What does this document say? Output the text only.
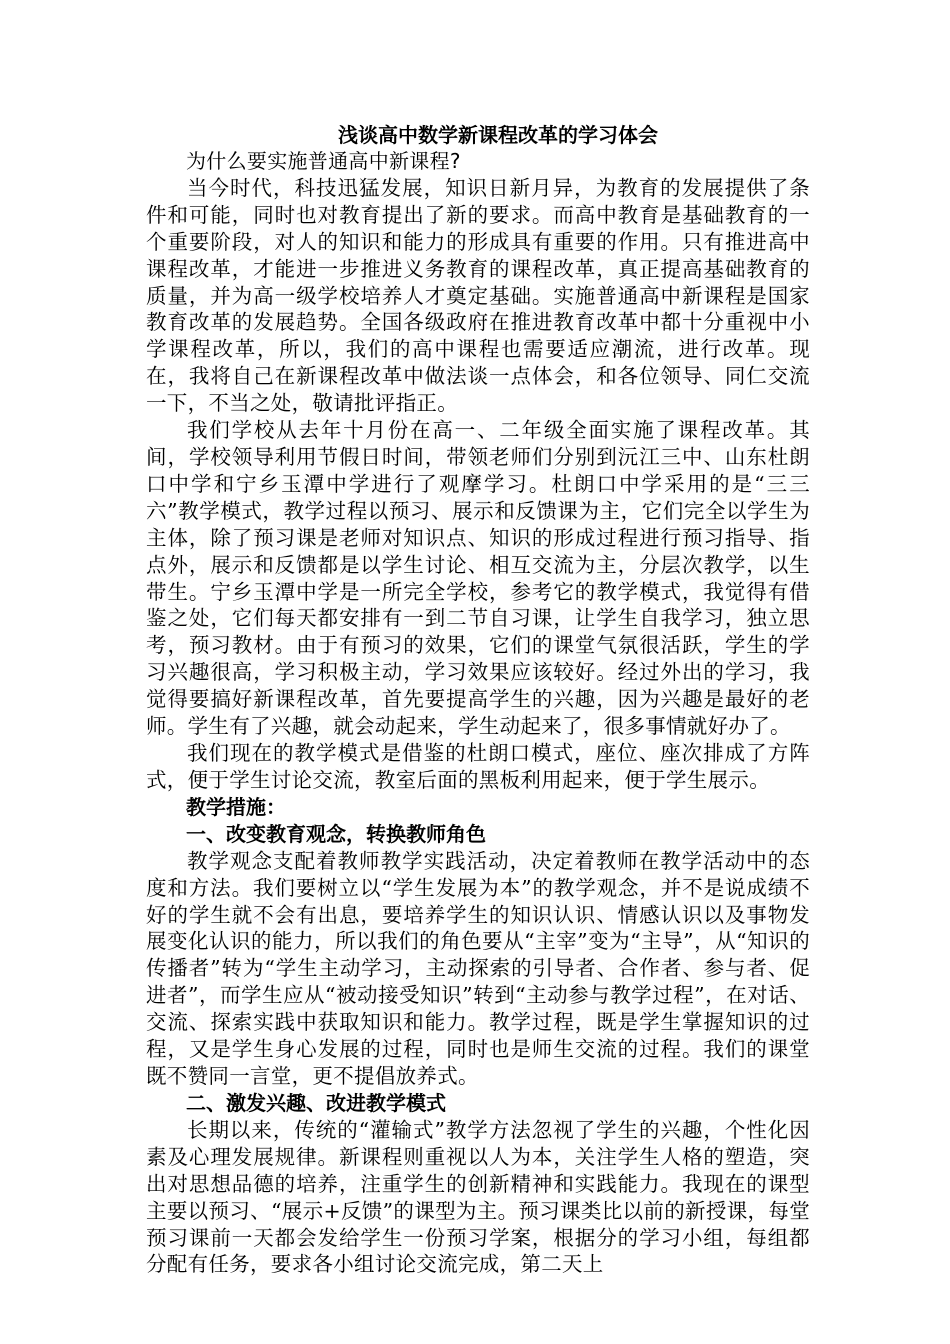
浅谈高中数学新课程改革的学习体会

为什么要实施普通高中新课程?

当今时代，科技迅猛发展，知识日新月异，为教育的发展提供了条件和可能，同时也对教育提出了新的要求。而高中教育是基础教育的一个重要阶段，对人的知识和能力的形成具有重要的作用。只有推进高中课程改革，才能进一步推进义务教育的课程改革，真正提高基础教育的质量，并为高一级学校培养人才奠定基础。实施普通高中新课程是国家教育改革的发展趋势。全国各级政府在推进教育改革中都十分重视中小学课程改革，所以，我们的高中课程也需要适应潮流，进行改革。现在，我将自己在新课程改革中做法谈一点体会，和各位领导、同仁交流一下，不当之处，敬请批评指正。

我们学校从去年十月份在高一、二年级全面实施了课程改革。其间，学校领导利用节假日时间，带领老师们分别到沅江三中、山东杜朗口中学和宁乡玉潭中学进行了观摩学习。杜朗口中学采用的是“三三六”教学模式，教学过程以预习、展示和反馈课为主，它们完全以学生为主体，除了预习课是老师对知识点、知识的形成过程进行预习指导、指点外，展示和反馈都是以学生讨论、相互交流为主，分层次教学，以生带生。宁乡玉潭中学是一所完全学校，参考它的教学模式，我觉得有借鉴之处，它们每天都安排有一到二节自习课，让学生自我学习，独立思考，预习教材。由于有预习的效果，它们的课堂气氛很活跃，学生的学习兴趣很高，学习积极主动，学习效果应该较好。经过外出的学习，我觉得要搞好新课程改革，首先要提高学生的兴趣，因为兴趣是最好的老师。学生有了兴趣，就会动起来，学生动起来了，很多事情就好办了。

我们现在的教学模式是借鉴的杜朗口模式，座位、座次排成了方阵式，便于学生讨论交流，教室后面的黑板利用起来，便于学生展示。

教学措施：
一、改变教育观念，转换教师角色

教学观念支配着教师教学实践活动，决定着教师在教学活动中的态度和方法。我们要树立以“学生发展为本”的教学观念，并不是说成绩不好的学生就不会有出息，要培养学生的知识认识、情感认识以及事物发展变化认识的能力，所以我们的角色要从“主宰”变为“主导”，从“知识的传播者”转为“学生主动学习，主动探索的引导者、合作者、参与者、促进者”，而学生应从“被动接受知识”转到“主动参与教学过程”，在对话、交流、探索实践中获取知识和能力。教学过程，既是学生掌握知识的过程，又是学生身心发展的过程，同时也是师生交流的过程。我们的课堂既不赞同一言堂，更不提倡放养式。

二、激发兴趣、改进教学模式

长期以来，传统的“灌输式”教学方法忽视了学生的兴趣，个性化因素及心理发展规律。新课程则重视以人为本，关注学生人格的塑造，突出对思想品德的培养，注重学生的创新精神和实践能力。我现在的课型主要以预习、“展示+反馈”的课型为主。预习课类比以前的新授课，每堂预习课前一天都会发给学生一份预习学案，根据分的学习小组，每组都分配有任务，要求各小组讨论交流完成，第二天上
